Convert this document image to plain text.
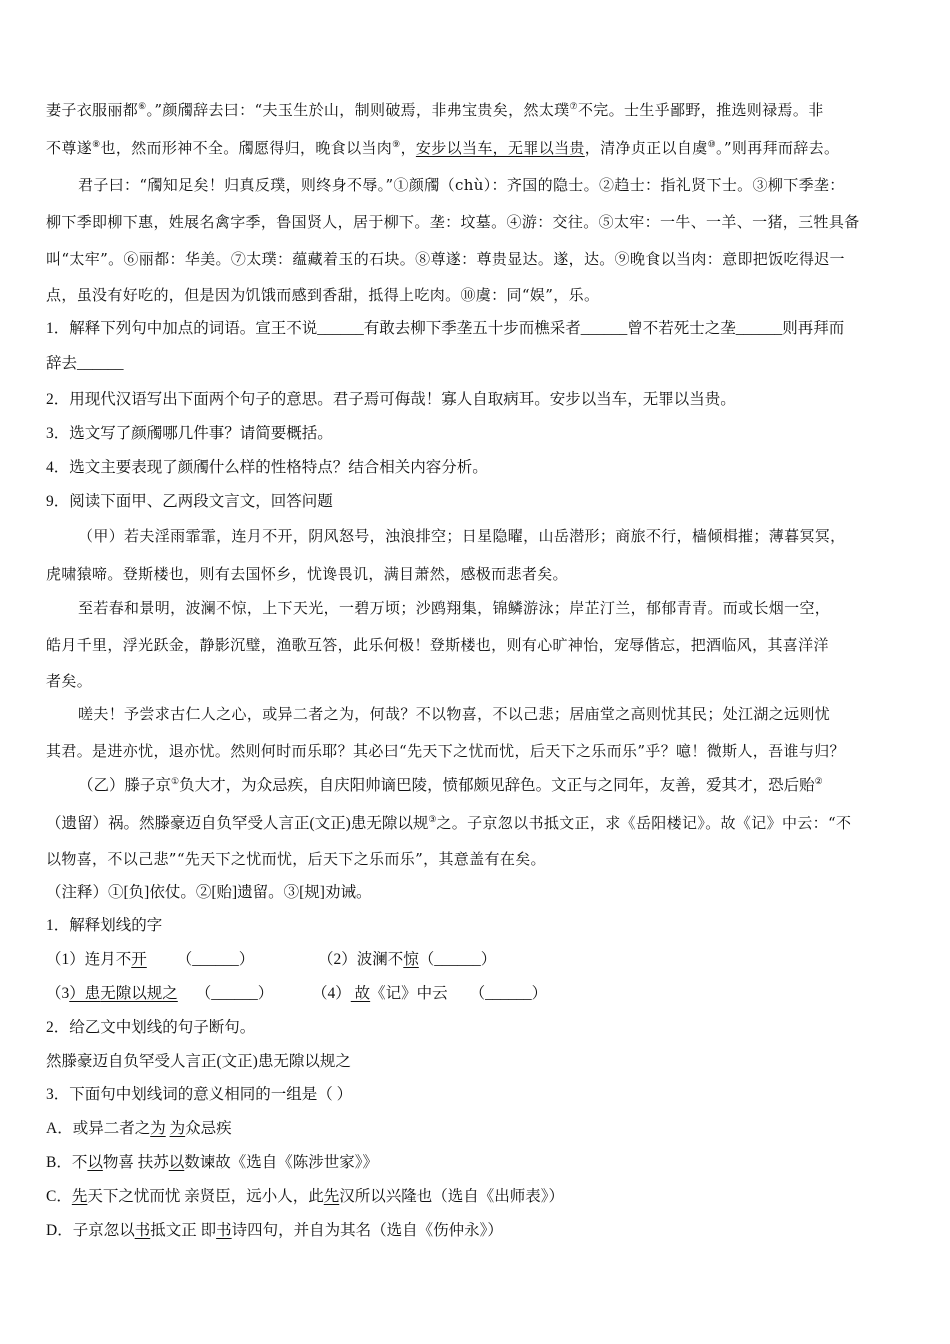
妻子衣服丽都⑥。”颜斶辞去曰：“夫玉生於山，制则破焉，非弗宝贵矣，然太璞⑦不完。士生乎鄙野，推选则禄焉。非
不尊遂⑧也，然而形神不全。斶愿得归，晚食以当肉⑨，安步以当车，无罪以当贵，清净贞正以自虞⑩。”则再拜而辞去。
君子曰：“斶知足矣！归真反璞，则终身不辱。”①颜斶（chù）：齐国的隐士。②趋士：指礼贤下士。③柳下季垄：
柳下季即柳下惠，姓展名禽字季，鲁国贤人，居于柳下。垄：坟墓。④游：交往。⑤太牢：一牛、一羊、一猪，三牲具备
叫“太牢”。⑥丽都：华美。⑦太璞：蕴藏着玉的石块。⑧尊遂：尊贵显达。遂，达。⑨晚食以当肉：意即把饭吃得迟一
点，虽没有好吃的，但是因为饥饿而感到香甜，抵得上吃肉。⑩虞：同“娱”，乐。
1．解释下列句中加点的词语。宣王不说______有敢去柳下季垄五十步而樵采者______曾不若死士之垄______则再拜而
辞去______
2．用现代汉语写出下面两个句子的意思。君子焉可侮哉！寡人自取病耳。安步以当车，无罪以当贵。
3．选文写了颜斶哪几件事？请简要概括。
4．选文主要表现了颜斶什么样的性格特点？结合相关内容分析。
9．阅读下面甲、乙两段文言文，回答问题
（甲）若夫淫雨霏霏，连月不开，阴风怒号，浊浪排空；日星隐曜，山岳潜形；商旅不行，樯倾楫摧；薄暮冥冥，
虎啸猿啼。登斯楼也，则有去国怀乡，忧谗畏讥，满目萧然，感极而悲者矣。
至若春和景明，波澜不惊，上下天光，一碧万顷；沙鸥翔集，锦鳞游泳；岸芷汀兰，郁郁青青。而或长烟一空，
皓月千里，浮光跃金，静影沉璧，渔歌互答，此乐何极！登斯楼也，则有心旷神怡，宠辱偕忘，把酒临风，其喜洋洋
者矣。
嗟夫！予尝求古仁人之心，或异二者之为，何哉？不以物喜，不以己悲；居庙堂之高则忧其民；处江湖之远则忧
其君。是进亦忧，退亦忧。然则何时而乐耶？其必曰“先天下之忧而忧，后天下之乐而乐”乎？噫！微斯人，吾谁与归？
（乙）滕子京①负大才，为众忌疾，自庆阳帅谪巴陵，愤郁颇见辞色。文正与之同年，友善，爱其才，恐后贻②
（遗留）祸。然滕豪迈自负罕受人言正(文正)患无隙以规③之。子京忽以书抵文正，求《岳阳楼记》。故《记》中云：“不
以物喜，不以己悲”“先天下之忧而忧，后天下之乐而乐”，其意盖有在矣。
（注释）①[负]依仗。②[贻]遗留。③[规]劝诫。
1．解释划线的字
（1）连月不开 （______）	（2）波澜不惊（______）
（3）患无隙以规之 （______） （4） 故《记》中云 （______）
2．给乙文中划线的句子断句。
然滕豪迈自负罕受人言正(文正)患无隙以规之
3．下面句中划线词的意义相同的一组是（ ）
A．或异二者之为 为众忌疾
B．不以物喜 扶苏以数谏故《选自《陈涉世家》》
C．先天下之忧而忧 亲贤臣，远小人，此先汉所以兴隆也（选自《出师表》）
D．子京忽以书抵文正 即书诗四句，并自为其名（选自《伤仲永》）
